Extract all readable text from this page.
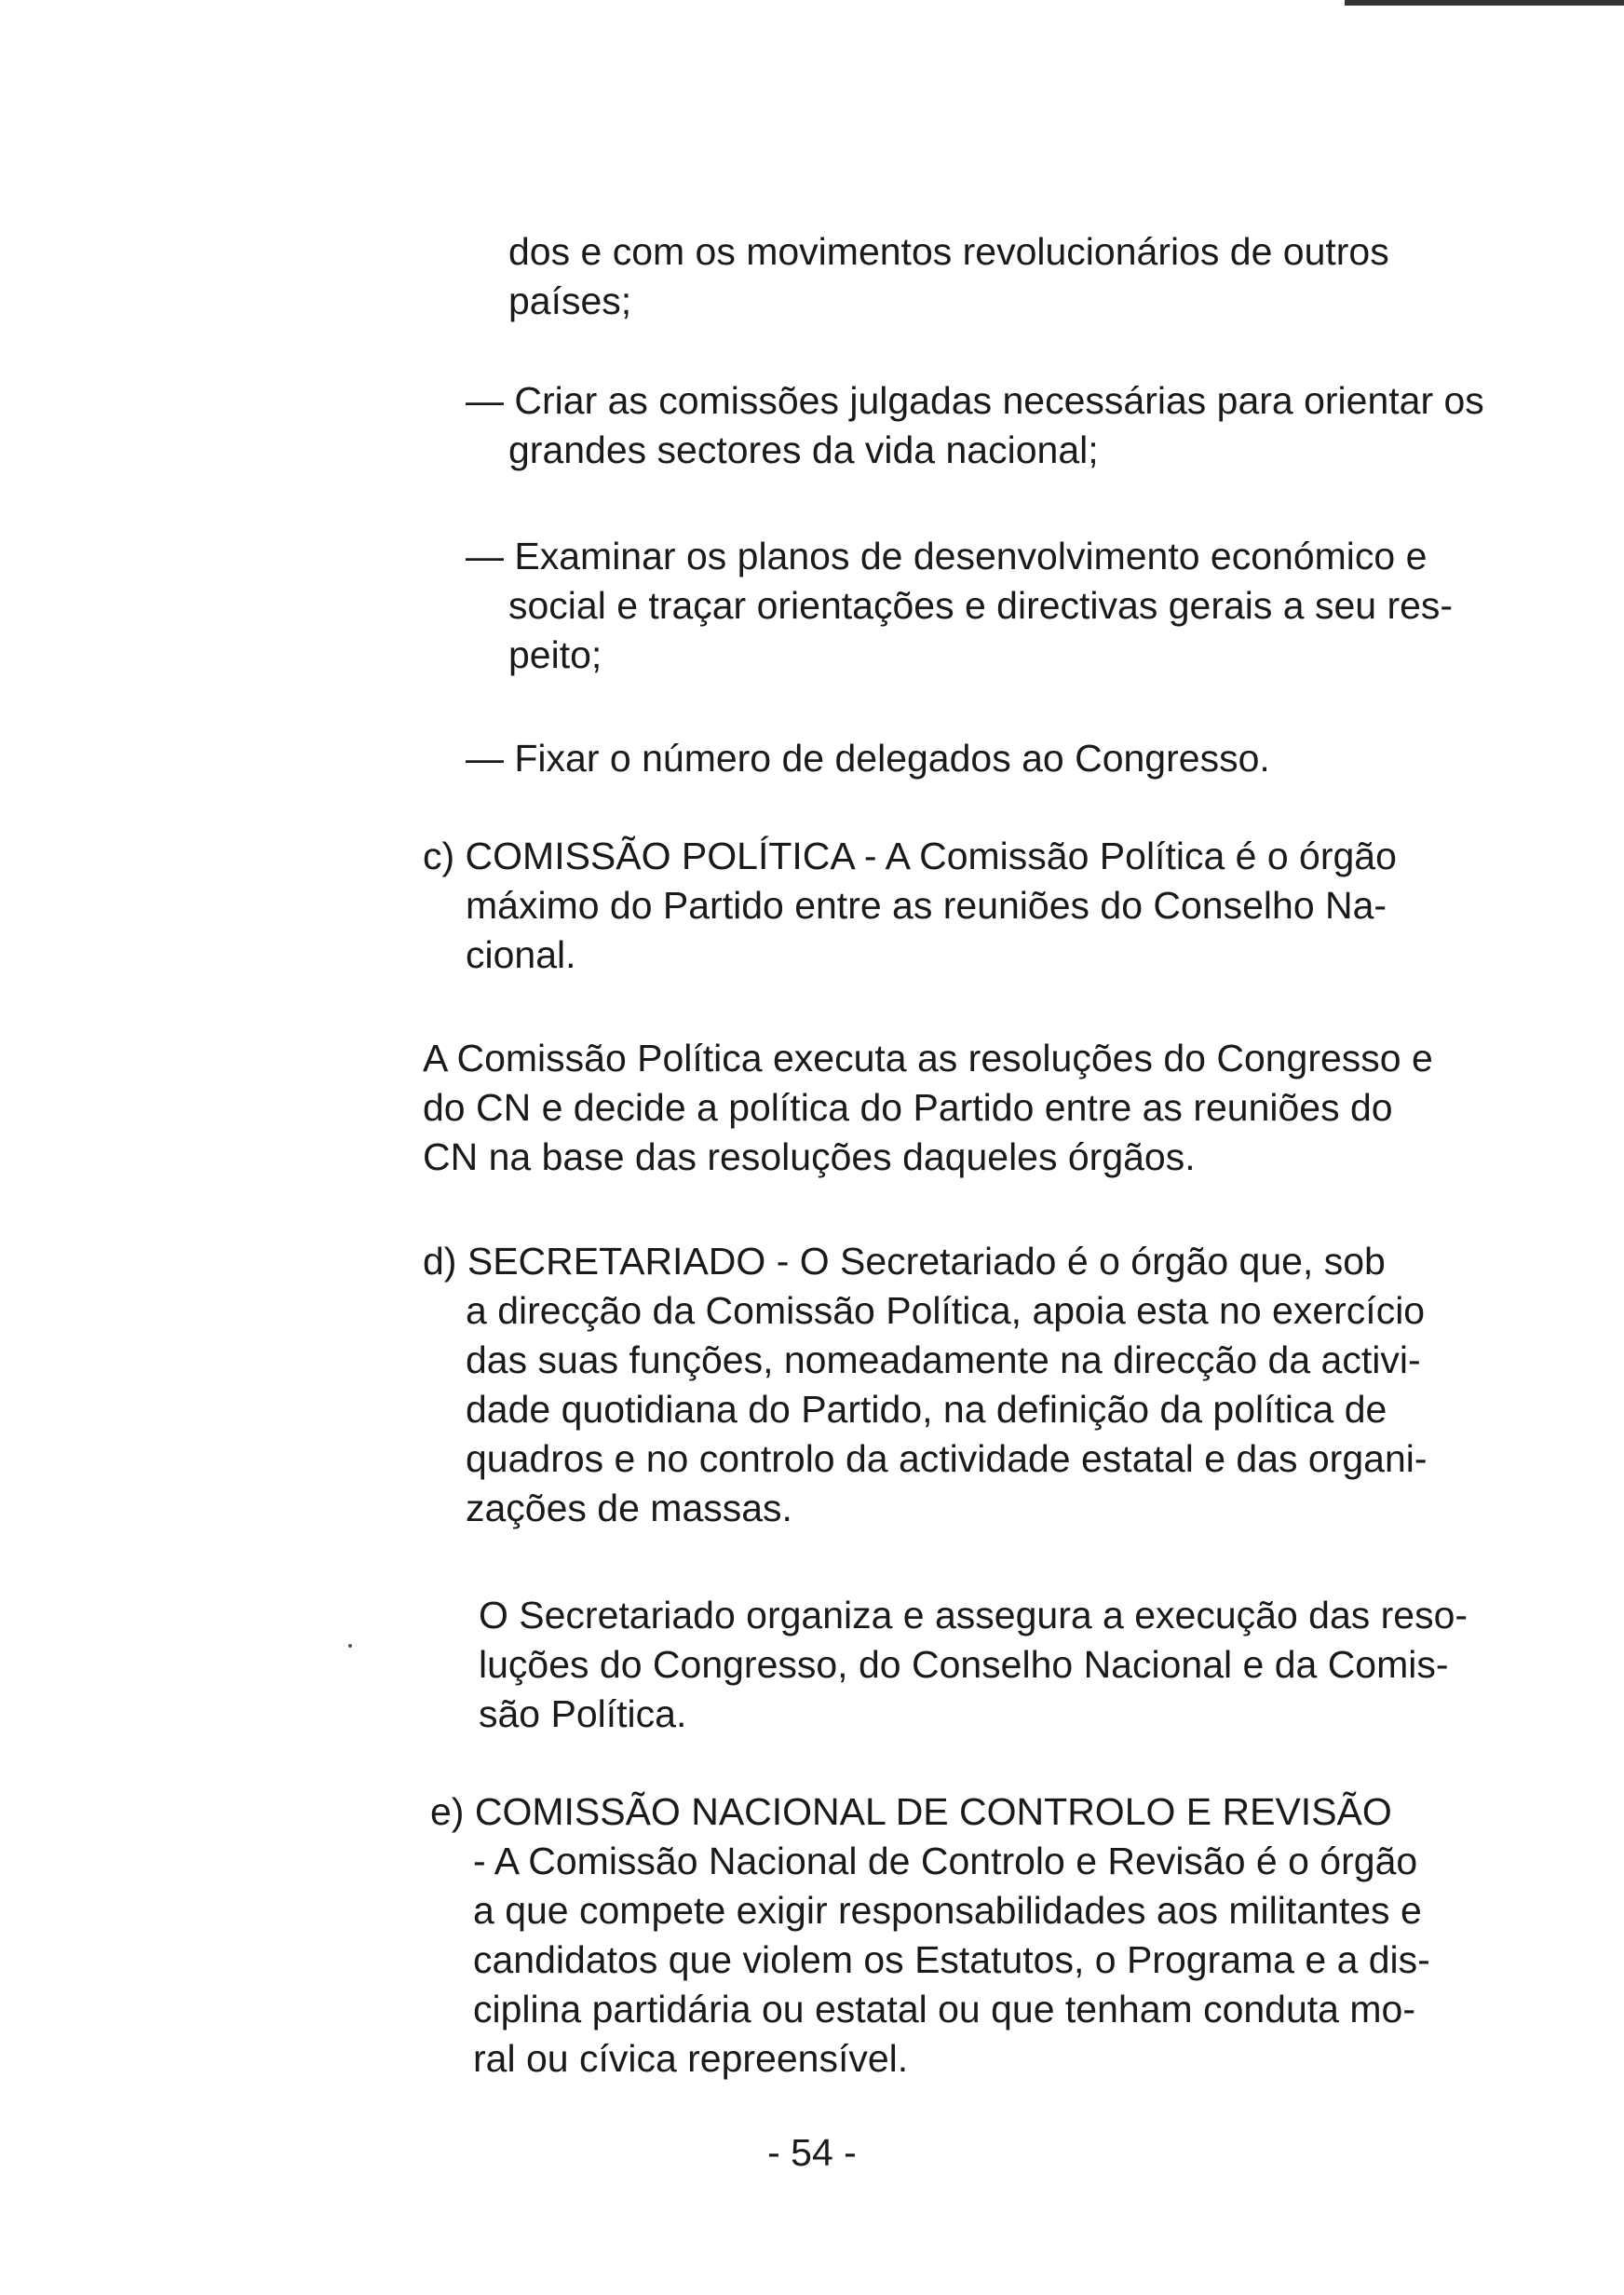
dos e com os movimentos revolucionários de outros
países;

— Criar as comissões julgadas necessárias para orientar os
grandes sectores da vida nacional;

— Examinar os planos de desenvolvimento económico e
social e traçar orientações e directivas gerais a seu res-
peito;

— Fixar o número de delegados ao Congresso.

c) COMISSÃO POLÍTICA - A Comissão Política é o órgão
máximo do Partido entre as reuniões do Conselho Na-
cional.

A Comissão Política executa as resoluções do Congresso e
do CN e decide a política do Partido entre as reuniões do
CN na base das resoluções daqueles órgãos.

d) SECRETARIADO - O Secretariado é o órgão que, sob
a direcção da Comissão Política, apoia esta no exercício
das suas funções, nomeadamente na direcção da activi-
dade quotidiana do Partido, na definição da política de
quadros e no controlo da actividade estatal e das organi-
zações de massas.

O Secretariado organiza e assegura a execução das reso-
luções do Congresso, do Conselho Nacional e da Comis-
são Política.

e) COMISSÃO NACIONAL DE CONTROLO E REVISÃO
- A Comissão Nacional de Controlo e Revisão é o órgão
a que compete exigir responsabilidades aos militantes e
candidatos que violem os Estatutos, o Programa e a dis-
ciplina partidária ou estatal ou que tenham conduta mo-
ral ou cívica repreensível.

- 54 -
